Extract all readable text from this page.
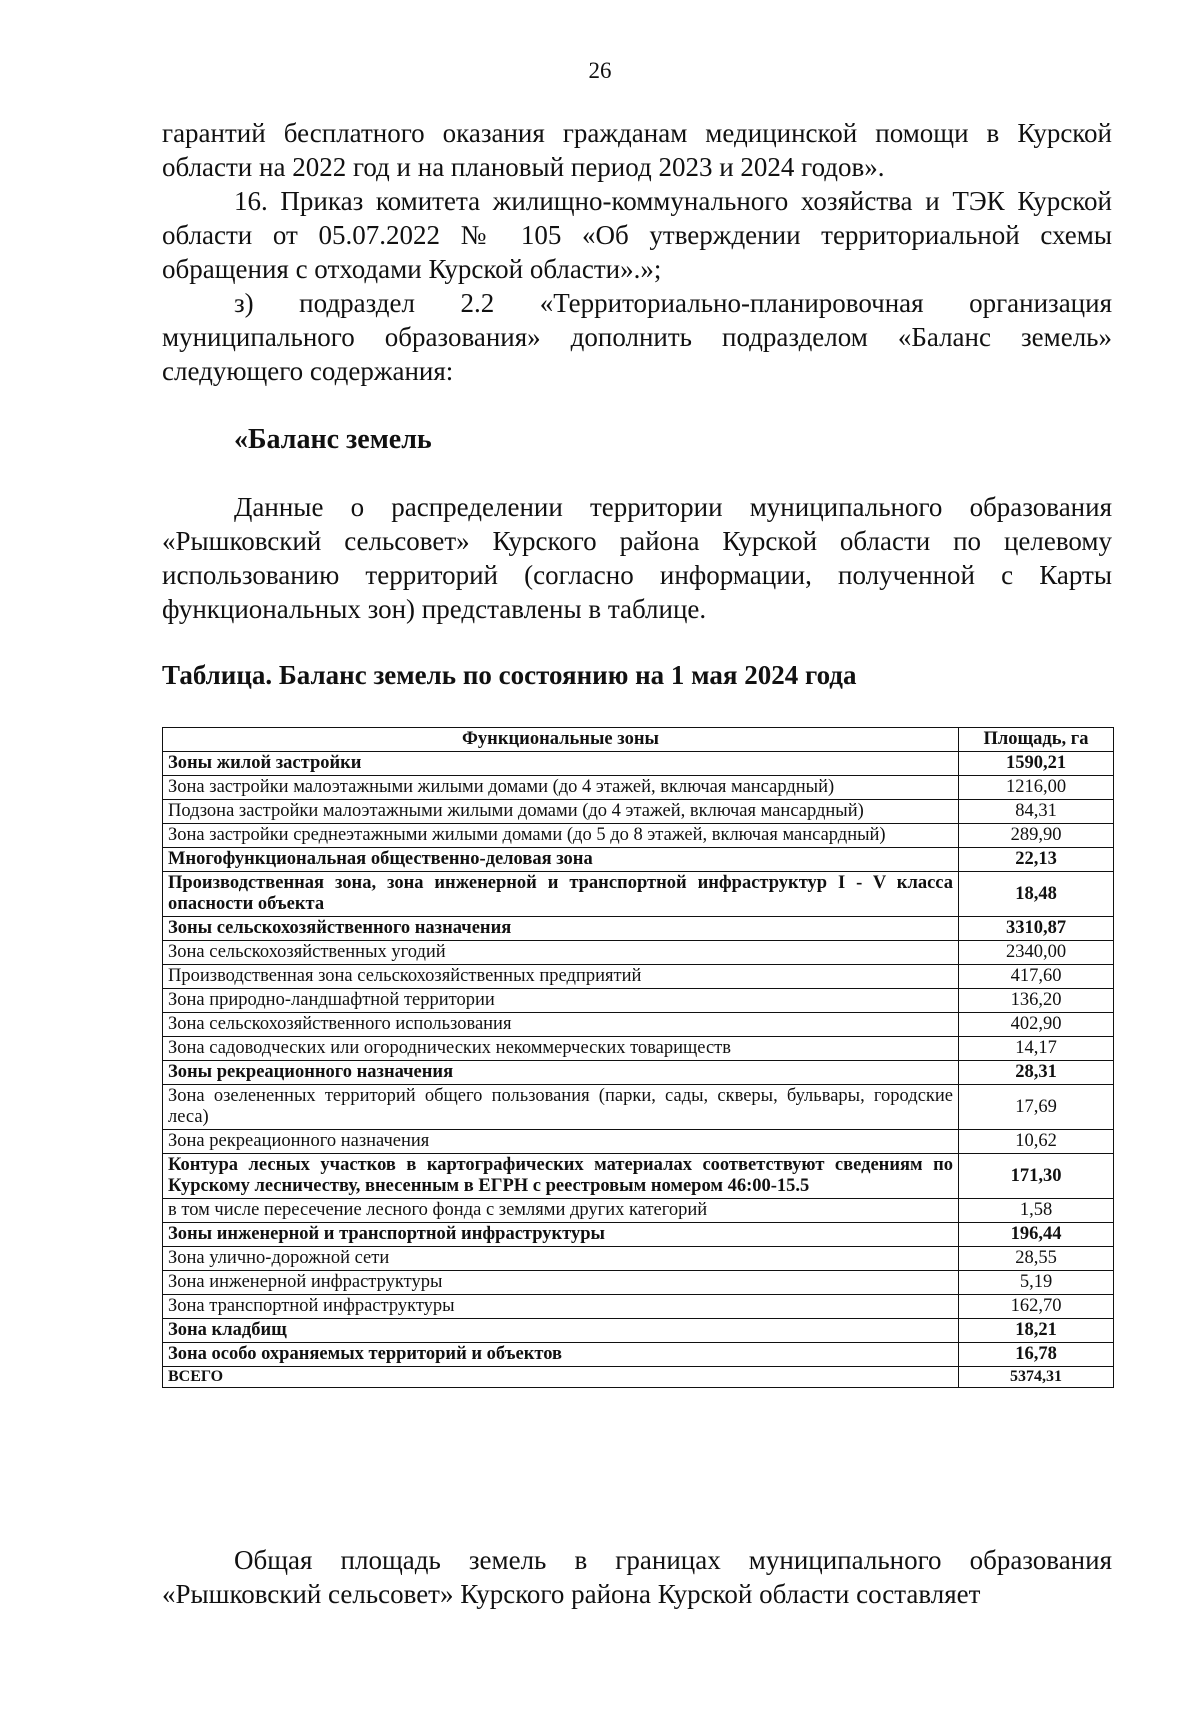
26

гарантий бесплатного оказания гражданам медицинской помощи в Курской области на 2022 год и на плановый период 2023 и 2024 годов».

16. Приказ комитета жилищно-коммунального хозяйства и ТЭК Курской области от 05.07.2022 № 105 «Об утверждении территориальной схемы обращения с отходами Курской области».»;

з) подраздел 2.2 «Территориально-планировочная организация муниципального образования» дополнить подразделом «Баланс земель» следующего содержания:

«Баланс земель

Данные о распределении территории муниципального образования «Рышковский сельсовет» Курского района Курской области по целевому использованию территорий (согласно информации, полученной с Карты функциональных зон) представлены в таблице.

Таблица. Баланс земель по состоянию на 1 мая 2024 года
Функциональные зоны	Площадь, га
Зоны жилой застройки	1590,21
Зона застройки малоэтажными жилыми домами (до 4 этажей, включая мансардный)	1216,00
Подзона застройки малоэтажными жилыми домами (до 4 этажей, включая мансардный)	84,31
Зона застройки среднеэтажными жилыми домами (до 5 до 8 этажей, включая мансардный)	289,90
Многофункциональная общественно-деловая зона	22,13
Производственная зона, зона инженерной и транспортной инфраструктур I - V класса опасности объекта	18,48
Зоны сельскохозяйственного назначения	3310,87
Зона сельскохозяйственных угодий	2340,00
Производственная зона сельскохозяйственных предприятий	417,60
Зона природно-ландшафтной территории	136,20
Зона сельскохозяйственного использования	402,90
Зона садоводческих или огороднических некоммерческих товариществ	14,17
Зоны рекреационного назначения	28,31
Зона озелененных территорий общего пользования (парки, сады, скверы, бульвары, городские леса)	17,69
Зона рекреационного назначения	10,62
Контура лесных участков в картографических материалах соответствуют сведениям по Курскому лесничеству, внесенным в ЕГРН с реестровым номером 46:00-15.5	171,30
в том числе пересечение лесного фонда с землями других категорий	1,58
Зоны инженерной и транспортной инфраструктуры	196,44
Зона улично-дорожной сети	28,55
Зона инженерной инфраструктуры	5,19
Зона транспортной инфраструктуры	162,70
Зона кладбищ	18,21
Зона особо охраняемых территорий и объектов	16,78
ВСЕГО	5374,31

Общая площадь земель в границах муниципального образования «Рышковский сельсовет» Курского района Курской области составляет
